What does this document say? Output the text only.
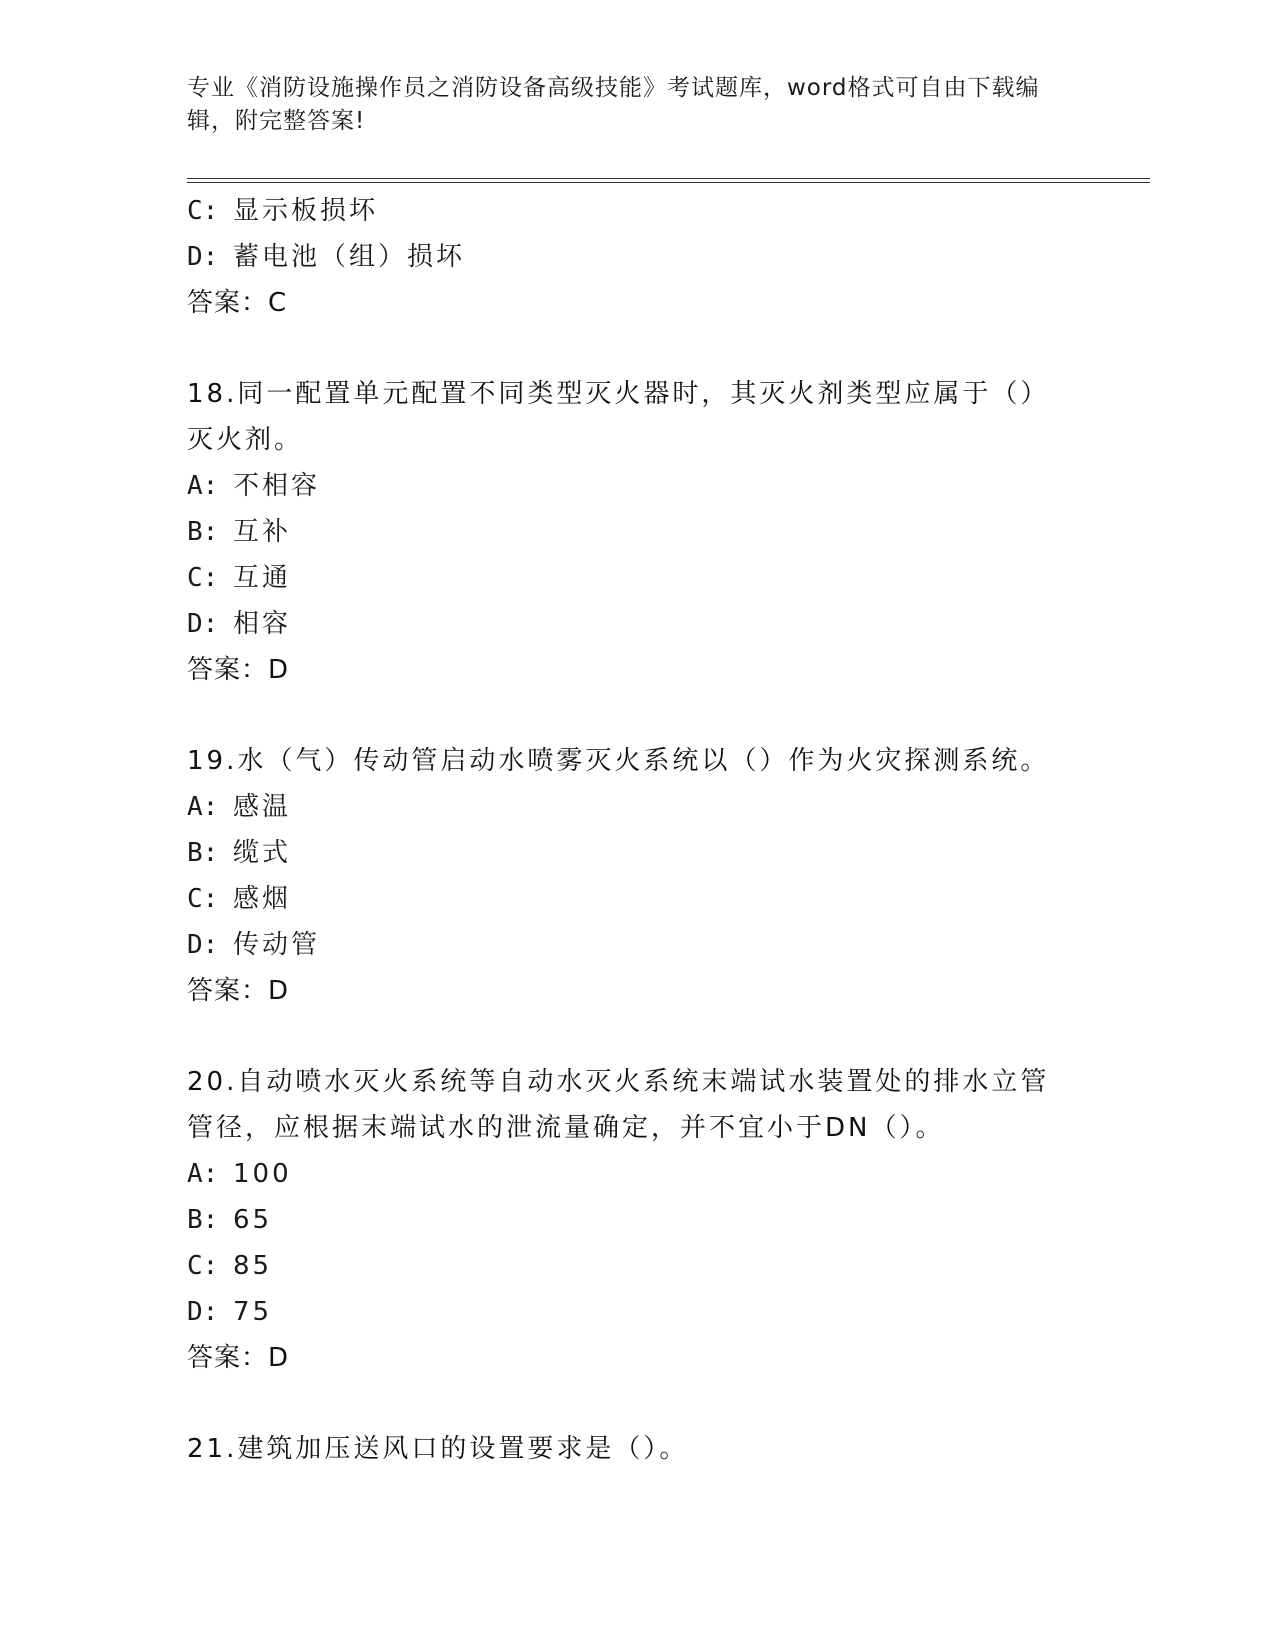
专业《消防设施操作员之消防设备高级技能》考试题库，word格式可自由下载编辑，附完整答案!
C: 显示板损坏
D: 蓄电池（组）损坏
答案：C
18.同一配置单元配置不同类型灭火器时，其灭火剂类型应属于（）灭火剂。
A: 不相容
B: 互补
C: 互通
D: 相容
答案：D
19.水（气）传动管启动水喷雾灭火系统以（）作为火灾探测系统。
A: 感温
B: 缆式
C: 感烟
D: 传动管
答案：D
20.自动喷水灭火系统等自动水灭火系统末端试水装置处的排水立管管径，应根据末端试水的泄流量确定，并不宜小于DN（）。
A: 100
B: 65
C: 85
D: 75
答案：D
21.建筑加压送风口的设置要求是（）。
